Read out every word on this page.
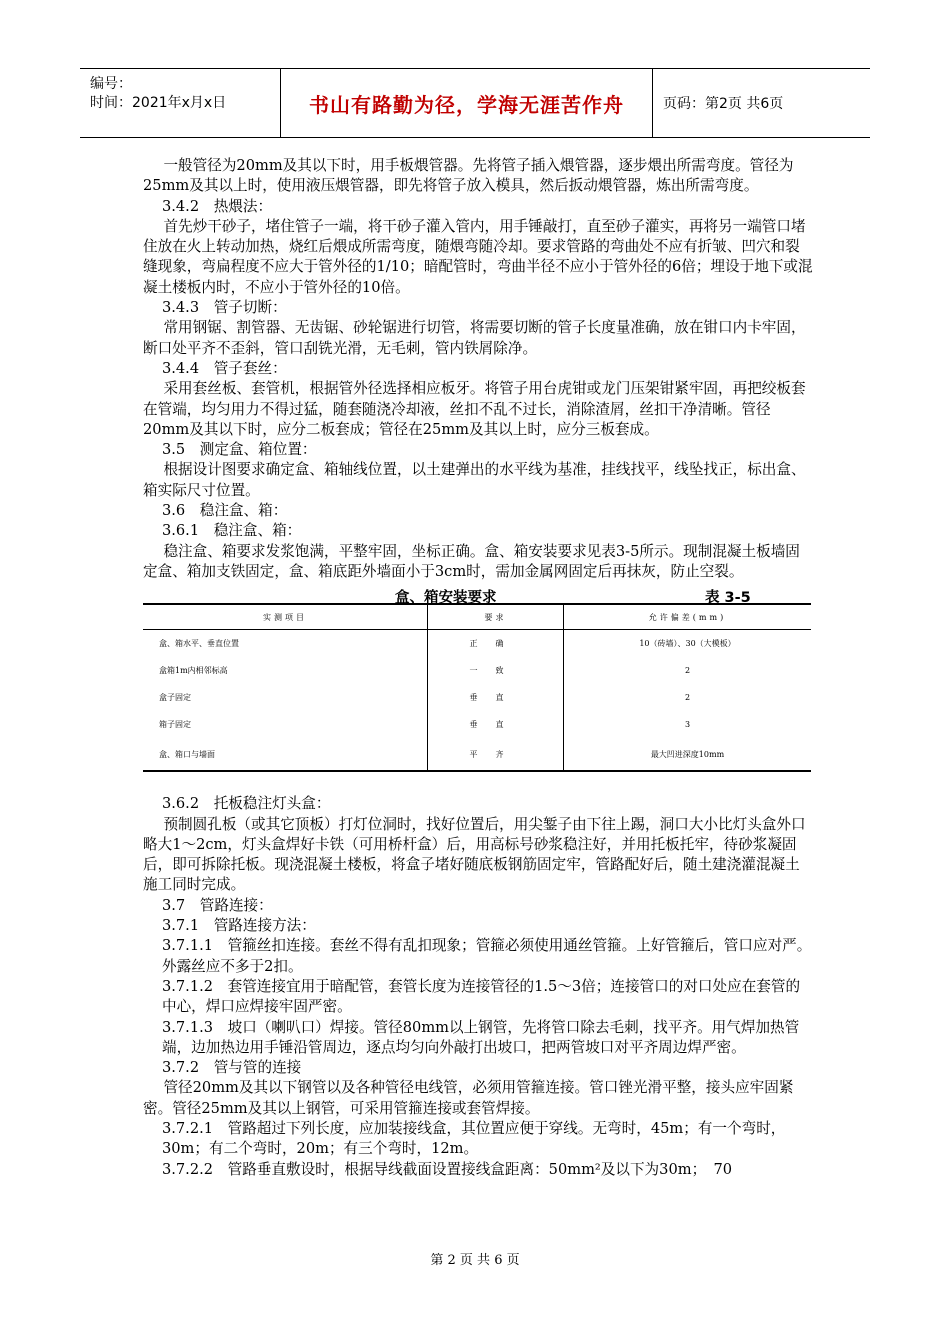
编号：
时间：2021年x月x日	书山有路勤为径，学海无涯苦作舟	页码：第2页 共6页

一般管径为20mm及其以下时，用手板煨管器。先将管子插入煨管器，逐步煨出所需弯度。管径为25mm及其以上时，使用液压煨管器，即先将管子放入模具，然后扳动煨管器，炼出所需弯度。

3.4.2　热煨法：

首先炒干砂子，堵住管子一端，将干砂子灌入管内，用手锤敲打，直至砂子灌实，再将另一端管口堵住放在火上转动加热，烧红后煨成所需弯度，随煨弯随冷却。要求管路的弯曲处不应有折皱、凹穴和裂缝现象，弯扁程度不应大于管外径的1/10；暗配管时，弯曲半径不应小于管外径的6倍；埋设于地下或混凝土楼板内时，不应小于管外径的10倍。

3.4.3　管子切断：

常用钢锯、割管器、无齿锯、砂轮锯进行切管，将需要切断的管子长度量准确，放在钳口内卡牢固，断口处平齐不歪斜，管口刮铣光滑，无毛刺，管内铁屑除净。

3.4.4　管子套丝：

采用套丝板、套管机，根据管外径选择相应板牙。将管子用台虎钳或龙门压架钳紧牢固，再把绞板套在管端，均匀用力不得过猛，随套随浇冷却液，丝扣不乱不过长，消除渣屑，丝扣干净清晰。管径20mm及其以下时，应分二板套成；管径在25mm及其以上时，应分三板套成。

3.5　测定盒、箱位置：

根据设计图要求确定盒、箱轴线位置，以土建弹出的水平线为基准，挂线找平，线坠找正，标出盒、箱实际尺寸位置。

3.6　稳注盒、箱：

3.6.1　稳注盒、箱：

稳注盒、箱要求发浆饱满，平整牢固，坐标正确。盒、箱安装要求见表3-5所示。现制混凝土板墙固定盒、箱加支铁固定，盒、箱底距外墙面小于3cm时，需加金属网固定后再抹灰，防止空裂。

盒、箱安装要求	表 3-5
实测项目	要求	允许偏差(mm)
盒、箱水平、垂直位置	正确	10（砖墙）、30（大模板）
盒箱1m内相邻标高	一致	2
盒子固定	垂直	2
箱子固定	垂直	3
盒、箱口与墙面	平齐	最大凹进深度10mm

3.6.2　托板稳注灯头盒：

预制圆孔板（或其它顶板）打灯位洞时，找好位置后，用尖錾子由下往上踢，洞口大小比灯头盒外口略大1～2cm，灯头盒焊好卡铁（可用桥杆盒）后，用高标号砂浆稳注好，并用托板托牢，待砂浆凝固后，即可拆除托板。现浇混凝土楼板，将盒子堵好随底板钢筋固定牢，管路配好后，随土建浇灌混凝土施工同时完成。

3.7　管路连接：

3.7.1　管路连接方法：

3.7.1.1　管箍丝扣连接。套丝不得有乱扣现象；管箍必须使用通丝管箍。上好管箍后，管口应对严。外露丝应不多于2扣。

3.7.1.2　套管连接宜用于暗配管，套管长度为连接管径的1.5～3倍；连接管口的对口处应在套管的中心，焊口应焊接牢固严密。

3.7.1.3　坡口（喇叭口）焊接。管径80mm以上钢管，先将管口除去毛刺，找平齐。用气焊加热管端，边加热边用手锤沿管周边，逐点均匀向外敲打出坡口，把两管坡口对平齐周边焊严密。

3.7.2　管与管的连接

管径20mm及其以下钢管以及各种管径电线管，必须用管箍连接。管口锉光滑平整，接头应牢固紧密。管径25mm及其以上钢管，可采用管箍连接或套管焊接。

3.7.2.1　管路超过下列长度，应加装接线盒，其位置应便于穿线。无弯时，45m；有一个弯时，30m；有二个弯时，20m；有三个弯时，12m。

3.7.2.2　管路垂直敷设时，根据导线截面设置接线盒距离：50mm²及以下为30m；　70

第 2 页 共 6 页
